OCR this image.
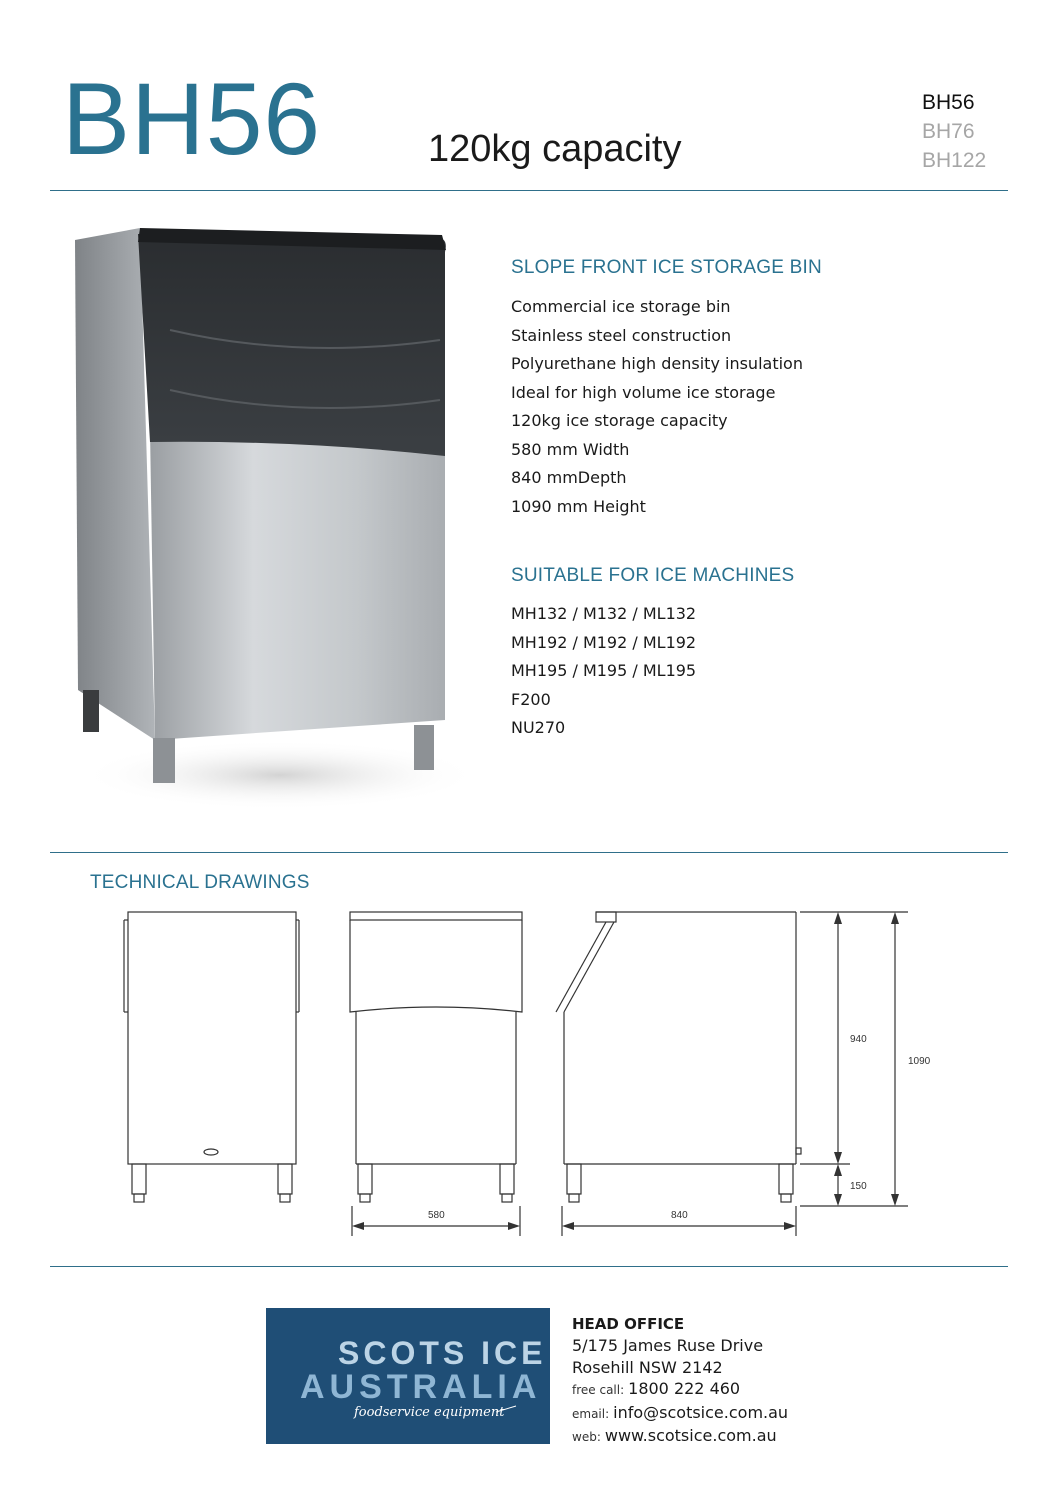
BH56	120kg capacity
BH56
BH76
BH122
SLOPE FRONT ICE STORAGE BIN
Commercial ice storage bin
Stainless steel construction
Polyurethane high density insulation
Ideal for high volume ice storage
120kg ice storage capacity
580 mm Width
840 mmDepth
1090 mm Height
SUITABLE FOR ICE MACHINES
MH132 / M132 / ML132
MH192 / M192 / ML192
MH195 / M195 / ML195
F200
NU270
TECHNICAL DRAWINGS
580	840
940
1090
150
SCOTS ICE
AUSTRALIA
foodservice equipment
HEAD OFFICE
5/175 James Ruse Drive
Rosehill NSW 2142
free call: 1800 222 460
email: info@scotsice.com.au
web: www.scotsice.com.au
